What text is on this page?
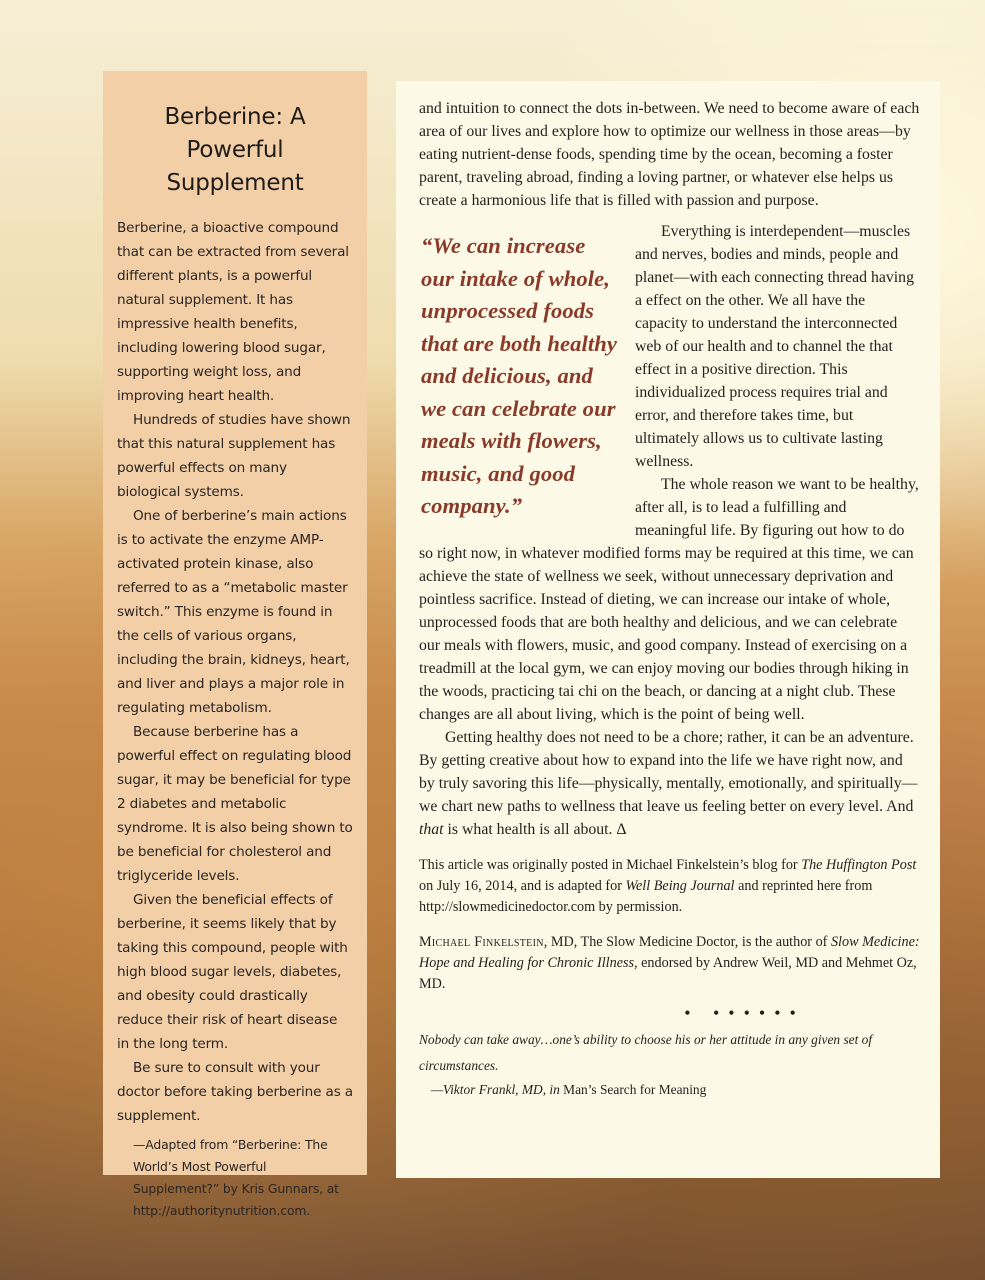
Berberine: A Powerful Supplement

Berberine, a bioactive compound that can be extracted from several different plants, is a powerful natural supplement. It has impressive health benefits, including lowering blood sugar, supporting weight loss, and improving heart health.

Hundreds of studies have shown that this natural supplement has powerful effects on many biological systems.

One of berberine’s main actions is to activate the enzyme AMP-activated protein kinase, also referred to as a “metabolic master switch.” This enzyme is found in the cells of various organs, including the brain, kidneys, heart, and liver and plays a major role in regulating metabolism.

Because berberine has a powerful effect on regulating blood sugar, it may be beneficial for type 2 diabetes and metabolic syndrome. It is also being shown to be beneficial for cholesterol and triglyceride levels.

Given the beneficial effects of berberine, it seems likely that by taking this compound, people with high blood sugar levels, diabetes, and obesity could drastically reduce their risk of heart disease in the long term.

Be sure to consult with your doctor before taking berberine as a supplement.

—Adapted from “Berberine: The World’s Most Powerful Supplement?” by Kris Gunnars, at http://authoritynutrition.com.

and intuition to connect the dots in-between. We need to become aware of each area of our lives and explore how to optimize our wellness in those areas—by eating nutrient-dense foods, spending time by the ocean, becoming a foster parent, traveling abroad, finding a loving partner, or whatever else helps us create a harmonious life that is filled with passion and purpose.

“We can increase our intake of whole, unprocessed foods that are both healthy and delicious, and we can celebrate our meals with flowers, music, and good company.”

Everything is interdependent—muscles and nerves, bodies and minds, people and planet—with each connecting thread having a effect on the other. We all have the capacity to understand the interconnected web of our health and to channel the that effect in a positive direction. This individualized process requires trial and error, and therefore takes time, but ultimately allows us to cultivate lasting wellness.

The whole reason we want to be healthy, after all, is to lead a fulfilling and meaningful life. By figuring out how to do so right now, in whatever modified forms may be required at this time, we can achieve the state of wellness we seek, without unnecessary deprivation and pointless sacrifice. Instead of dieting, we can increase our intake of whole, unprocessed foods that are both healthy and delicious, and we can celebrate our meals with flowers, music, and good company. Instead of exercising on a treadmill at the local gym, we can enjoy moving our bodies through hiking in the woods, practicing tai chi on the beach, or dancing at a night club. These changes are all about living, which is the point of being well.

Getting healthy does not need to be a chore; rather, it can be an adventure. By getting creative about how to expand into the life we have right now, and by truly savoring this life—physically, mentally, emotionally, and spiritually—we chart new paths to wellness that leave us feeling better on every level. And that is what health is all about. Δ

This article was originally posted in Michael Finkelstein’s blog for The Huffington Post on July 16, 2014, and is adapted for Well Being Journal and reprinted here from http://slowmedicinedoctor.com by permission.

Michael Finkelstein, MD, The Slow Medicine Doctor, is the author of Slow Medicine: Hope and Healing for Chronic Illness, endorsed by Andrew Weil, MD and Mehmet Oz, MD.

• ••••••

Nobody can take away…one’s ability to choose his or her attitude in any given set of circumstances.

—Viktor Frankl, MD, in Man’s Search for Meaning
